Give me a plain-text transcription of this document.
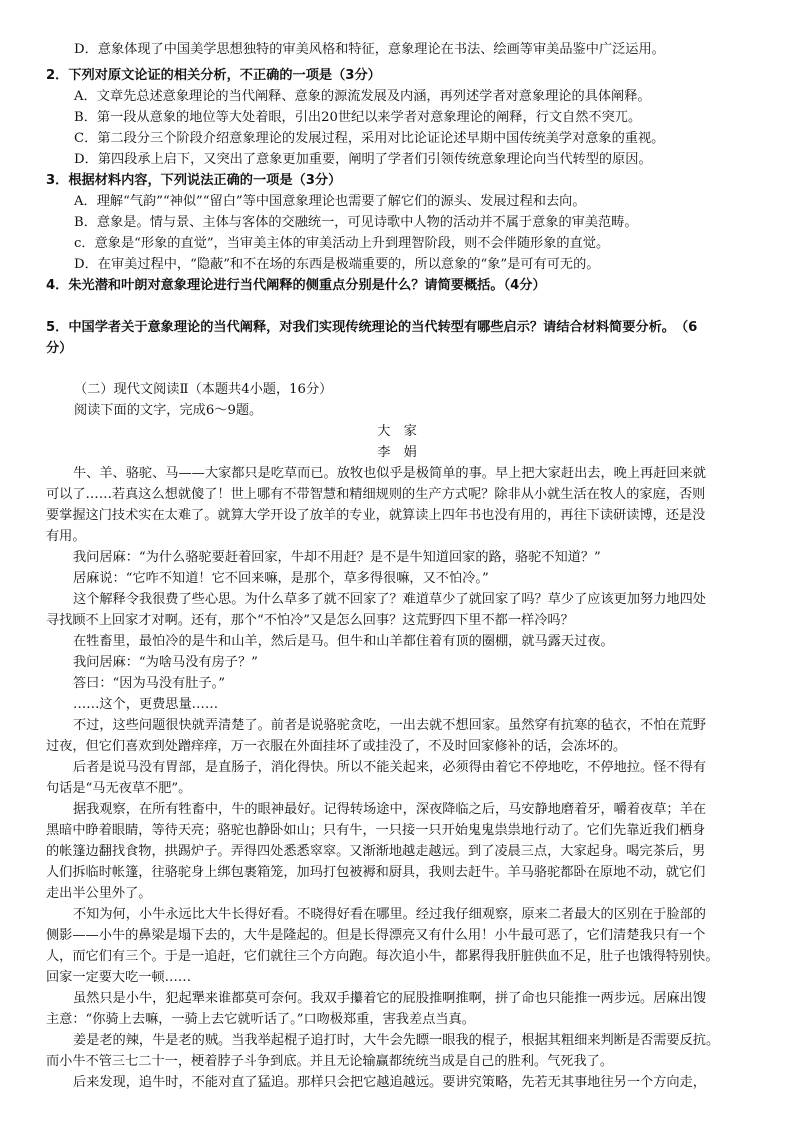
D．意象体现了中国美学思想独特的审美风格和特征，意象理论在书法、绘画等审美品鉴中广泛运用。
2．下列对原文论证的相关分析，不正确的一项是（3分）
A．文章先总述意象理论的当代阐释、意象的源流发展及内涵，再列述学者对意象理论的具体阐释。
B．第一段从意象的地位等大处着眼，引出20世纪以来学者对意象理论的阐释，行文自然不突兀。
C．第二段分三个阶段介绍意象理论的发展过程，采用对比论证论述早期中国传统美学对意象的重视。
D．第四段承上启下，又突出了意象更加重要，阐明了学者们引领传统意象理论向当代转型的原因。
3．根据材料内容，下列说法正确的一项是（3分）
A．理解“气韵”“神似”“留白”等中国意象理论也需要了解它们的源头、发展过程和去向。
B．意象是。情与景、主体与客体的交融统一，可见诗歌中人物的活动并不属于意象的审美范畴。
c．意象是“形象的直觉”，当审美主体的审美活动上升到理智阶段，则不会伴随形象的直觉。
D．在审美过程中，“隐蔽”和不在场的东西是极端重要的，所以意象的“象”是可有可无的。
4．朱光潜和叶朗对意象理论进行当代阐释的侧重点分别是什么？请简要概括。（4分）
5．中国学者关于意象理论的当代阐释，对我们实现传统理论的当代转型有哪些启示？请结合材料简要分析。　（6
分）
（二）现代文阅读Ⅱ（本题共4小题，16分）
阅读下面的文字，完成6～9题。
大　家
李　娟
牛、羊、骆驼、马——大家都只是吃草而已。放牧也似乎是极简单的事。早上把大家赶出去，晚上再赶回来就
可以了……若真这么想就傻了！世上哪有不带智慧和精细规则的生产方式呢？除非从小就生活在牧人的家庭，否则
要掌握这门技术实在太难了。就算大学开设了放羊的专业，就算读上四年书也没有用的，再往下读研读博，还是没
有用。
我问居麻：“为什么骆驼要赶着回家，牛却不用赶？是不是牛知道回家的路，骆驼不知道？”
居麻说：“它咋不知道！它不回来嘛，是那个，草多得很嘛，又不怕冷。”
这个解释令我很费了些心思。为什么草多了就不回家了？难道草少了就回家了吗？草少了应该更加努力地四处
寻找顾不上回家才对啊。还有，那个“不怕冷”又是怎么回事？这荒野四下里不都一样冷吗？
在牲畜里，最怕冷的是牛和山羊，然后是马。但牛和山羊都住着有顶的圈棚，就马露天过夜。
我问居麻：“为啥马没有房子？”
答曰：“因为马没有肚子。”
……这个，更费思量……
不过，这些问题很快就弄清楚了。前者是说骆驼贪吃，一出去就不想回家。虽然穿有抗寒的毡衣，不怕在荒野
过夜，但它们喜欢到处蹭痒痒，万一衣服在外面挂坏了或挂没了，不及时回家修补的话，会冻坏的。
后者是说马没有胃部，是直肠子，消化得快。所以不能关起来，必须得由着它不停地吃，不停地拉。怪不得有
句话是“马无夜草不肥”。
据我观察，在所有牲畜中，牛的眼神最好。记得转场途中，深夜降临之后，马安静地磨着牙，嚼着夜草；羊在
黑暗中睁着眼睛，等待天亮；骆驼也静卧如山；只有牛，一只接一只开始鬼鬼祟祟地行动了。它们先靠近我们栖身
的帐篷边翻找食物，拱踢炉子。弄得四处悉悉窣窣。又渐渐地越走越远。到了凌晨三点，大家起身。喝完茶后，男
人们拆临时帐篷，往骆驼身上绑包裹箱笼，加玛打包被褥和厨具，我则去赶牛。羊马骆驼都卧在原地不动，就它们
走出半公里外了。
不知为何，小牛永远比大牛长得好看。不晓得好看在哪里。经过我仔细观察，原来二者最大的区别在于脸部的
侧影——小牛的鼻梁是塌下去的，大牛是隆起的。但是长得漂亮又有什么用！小牛最可恶了，它们清楚我只有一个
人，而它们有三个。于是一追赶，它们就往三个方向跑。每次追小牛，都累得我肝脏供血不足，肚子也饿得特别快。
回家一定要大吃一顿……
虽然只是小牛，犯起犟来谁都莫可奈何。我双手攥着它的屁股推啊推啊，拼了命也只能推一两步远。居麻出馊
主意：“你骑上去嘛，一骑上去它就听话了。”口吻极郑重，害我差点当真。
姜是老的辣，牛是老的贼。当我举起棍子追打时，大牛会先瞟一眼我的棍子，根据其粗细来判断是否需要反抗。
而小牛不管三七二十一，梗着脖子斗争到底。并且无论输赢都统统当成是自己的胜利。气死我了。
后来发现，追牛时，不能对直了猛追。那样只会把它越追越远。要讲究策略，先若无其事地往另一个方向走，
